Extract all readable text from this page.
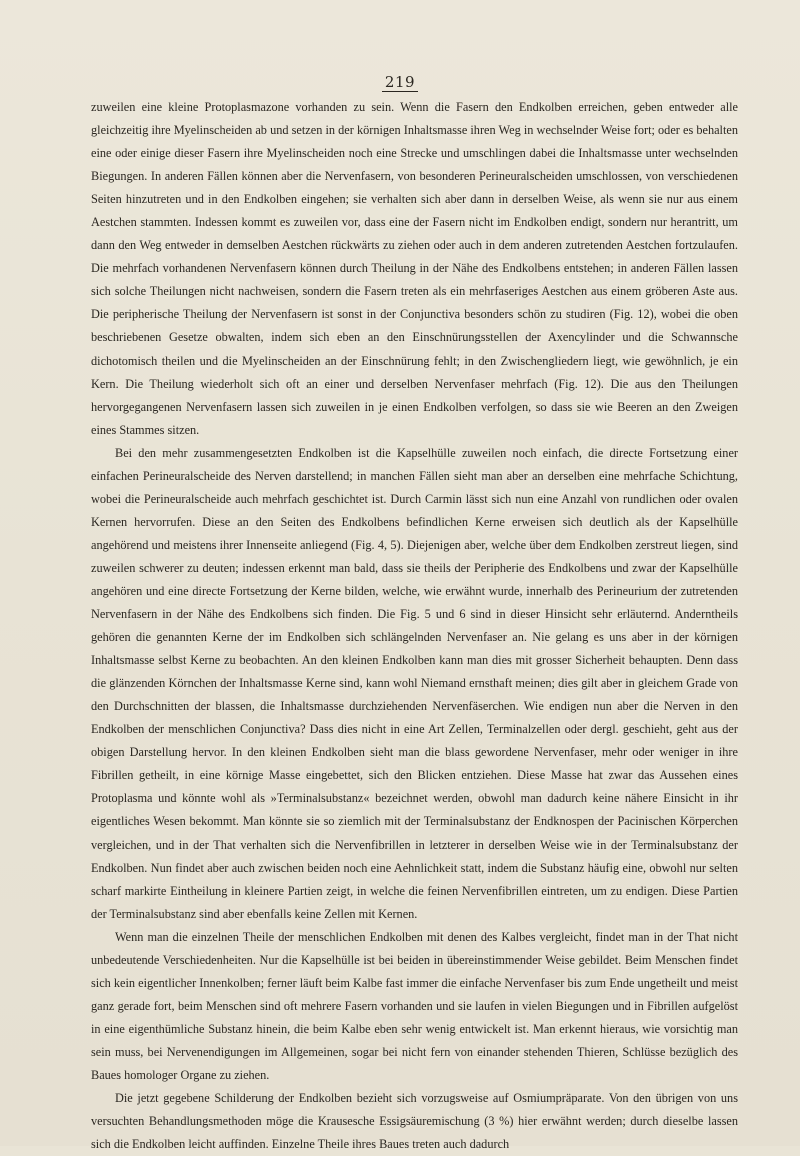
219

zuweilen eine kleine Protoplasmazone vorhanden zu sein. Wenn die Fasern den Endkolben erreichen, geben entweder alle gleichzeitig ihre Myelinscheiden ab und setzen in der körnigen Inhaltsmasse ihren Weg in wechselnder Weise fort; oder es behalten eine oder einige dieser Fasern ihre Myelinscheiden noch eine Strecke und umschlingen dabei die Inhaltsmasse unter wechselnden Biegungen. In anderen Fällen können aber die Nervenfasern, von besonderen Perineuralscheiden umschlossen, von verschiedenen Seiten hinzutreten und in den Endkolben eingehen; sie verhalten sich aber dann in derselben Weise, als wenn sie nur aus einem Aestchen stammten. Indessen kommt es zuweilen vor, dass eine der Fasern nicht im Endkolben endigt, sondern nur herantritt, um dann den Weg entweder in demselben Aestchen rückwärts zu ziehen oder auch in dem anderen zutretenden Aestchen fortzulaufen. Die mehrfach vorhandenen Nervenfasern können durch Theilung in der Nähe des Endkolbens entstehen; in anderen Fällen lassen sich solche Theilungen nicht nachweisen, sondern die Fasern treten als ein mehrfaseriges Aestchen aus einem gröberen Aste aus. Die peripherische Theilung der Nervenfasern ist sonst in der Conjunctiva besonders schön zu studiren (Fig. 12), wobei die oben beschriebenen Gesetze obwalten, indem sich eben an den Einschnürungsstellen der Axencylinder und die Schwannsche dichotomisch theilen und die Myelinscheiden an der Einschnürung fehlt; in den Zwischengliedern liegt, wie gewöhnlich, je ein Kern. Die Theilung wiederholt sich oft an einer und derselben Nervenfaser mehrfach (Fig. 12). Die aus den Theilungen hervorgegangenen Nervenfasern lassen sich zuweilen in je einen Endkolben verfolgen, so dass sie wie Beeren an den Zweigen eines Stammes sitzen.

Bei den mehr zusammengesetzten Endkolben ist die Kapselhülle zuweilen noch einfach, die directe Fortsetzung einer einfachen Perineuralscheide des Nerven darstellend; in manchen Fällen sieht man aber an derselben eine mehrfache Schichtung, wobei die Perineuralscheide auch mehrfach geschichtet ist. Durch Carmin lässt sich nun eine Anzahl von rundlichen oder ovalen Kernen hervorrufen. Diese an den Seiten des Endkolbens befindlichen Kerne erweisen sich deutlich als der Kapselhülle angehörend und meistens ihrer Innenseite anliegend (Fig. 4, 5). Diejenigen aber, welche über dem Endkolben zerstreut liegen, sind zuweilen schwerer zu deuten; indessen erkennt man bald, dass sie theils der Peripherie des Endkolbens und zwar der Kapselhülle angehören und eine directe Fortsetzung der Kerne bilden, welche, wie erwähnt wurde, innerhalb des Perineurium der zutretenden Nervenfasern in der Nähe des Endkolbens sich finden. Die Fig. 5 und 6 sind in dieser Hinsicht sehr erläuternd. Anderntheils gehören die genannten Kerne der im Endkolben sich schlängelnden Nervenfaser an. Nie gelang es uns aber in der körnigen Inhaltsmasse selbst Kerne zu beobachten. An den kleinen Endkolben kann man dies mit grosser Sicherheit behaupten. Denn dass die glänzenden Körnchen der Inhaltsmasse Kerne sind, kann wohl Niemand ernsthaft meinen; dies gilt aber in gleichem Grade von den Durchschnitten der blassen, die Inhaltsmasse durchziehenden Nervenfäserchen. Wie endigen nun aber die Nerven in den Endkolben der menschlichen Conjunctiva? Dass dies nicht in eine Art Zellen, Terminalzellen oder dergl. geschieht, geht aus der obigen Darstellung hervor. In den kleinen Endkolben sieht man die blass gewordene Nervenfaser, mehr oder weniger in ihre Fibrillen getheilt, in eine körnige Masse eingebettet, sich den Blicken entziehen. Diese Masse hat zwar das Aussehen eines Protoplasma und könnte wohl als »Terminalsubstanz« bezeichnet werden, obwohl man dadurch keine nähere Einsicht in ihr eigentliches Wesen bekommt. Man könnte sie so ziemlich mit der Terminalsubstanz der Endknospen der Pacinischen Körperchen vergleichen, und in der That verhalten sich die Nervenfibrillen in letzterer in derselben Weise wie in der Terminalsubstanz der Endkolben. Nun findet aber auch zwischen beiden noch eine Aehnlichkeit statt, indem die Substanz häufig eine, obwohl nur selten scharf markirte Eintheilung in kleinere Partien zeigt, in welche die feinen Nervenfibrillen eintreten, um zu endigen. Diese Partien der Terminalsubstanz sind aber ebenfalls keine Zellen mit Kernen.

Wenn man die einzelnen Theile der menschlichen Endkolben mit denen des Kalbes vergleicht, findet man in der That nicht unbedeutende Verschiedenheiten. Nur die Kapselhülle ist bei beiden in übereinstimmender Weise gebildet. Beim Menschen findet sich kein eigentlicher Innenkolben; ferner läuft beim Kalbe fast immer die einfache Nervenfaser bis zum Ende ungetheilt und meist ganz gerade fort, beim Menschen sind oft mehrere Fasern vorhanden und sie laufen in vielen Biegungen und in Fibrillen aufgelöst in eine eigenthümliche Substanz hinein, die beim Kalbe eben sehr wenig entwickelt ist. Man erkennt hieraus, wie vorsichtig man sein muss, bei Nervenendigungen im Allgemeinen, sogar bei nicht fern von einander stehenden Thieren, Schlüsse bezüglich des Baues homologer Organe zu ziehen.

Die jetzt gegebene Schilderung der Endkolben bezieht sich vorzugsweise auf Osmiumpräparate. Von den übrigen von uns versuchten Behandlungsmethoden möge die Krausesche Essigsäuremischung (3 %) hier erwähnt werden; durch dieselbe lassen sich die Endkolben leicht auffinden. Einzelne Theile ihres Baues treten auch dadurch
